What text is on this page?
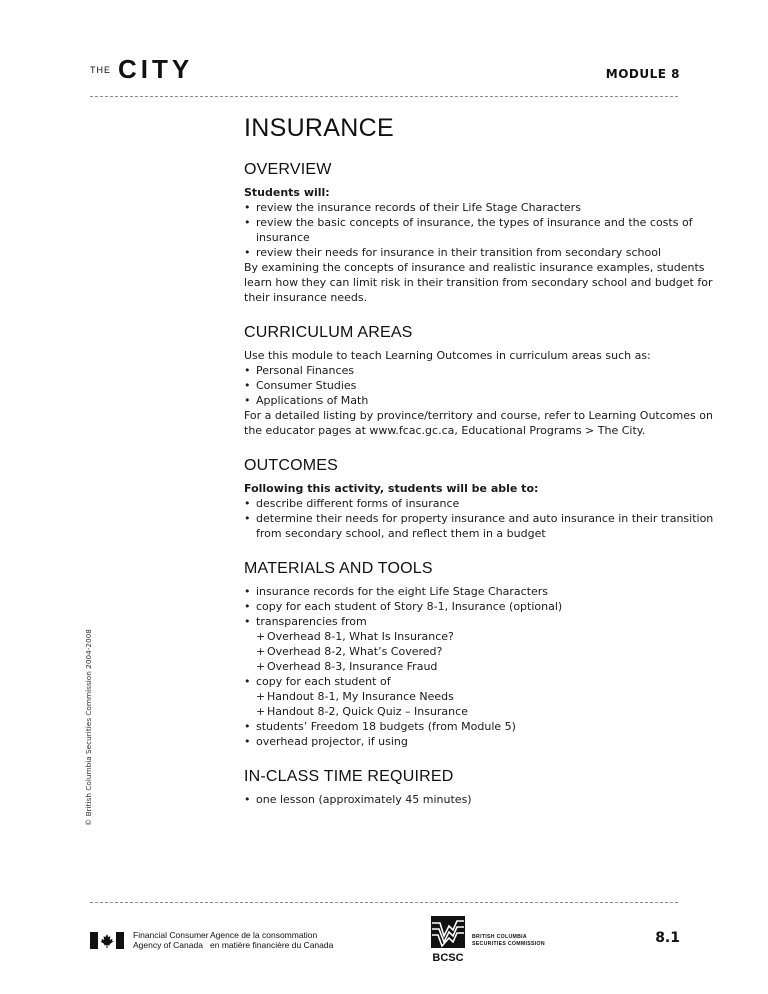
THE CITY	MODULE 8
INSURANCE
OVERVIEW
Students will:
• review the insurance records of their Life Stage Characters
• review the basic concepts of insurance, the types of insurance and the costs of insurance
• review their needs for insurance in their transition from secondary school
By examining the concepts of insurance and realistic insurance examples, students learn how they can limit risk in their transition from secondary school and budget for their insurance needs.
CURRICULUM AREAS
Use this module to teach Learning Outcomes in curriculum areas such as:
• Personal Finances
• Consumer Studies
• Applications of Math
For a detailed listing by province/territory and course, refer to Learning Outcomes on the educator pages at www.fcac.gc.ca, Educational Programs > The City.
OUTCOMES
Following this activity, students will be able to:
• describe different forms of insurance
• determine their needs for property insurance and auto insurance in their transition from secondary school, and reflect them in a budget
MATERIALS AND TOOLS
• insurance records for the eight Life Stage Characters
• copy for each student of Story 8-1, Insurance (optional)
• transparencies from
+ Overhead 8-1, What Is Insurance?
+ Overhead 8-2, What’s Covered?
+ Overhead 8-3, Insurance Fraud
• copy for each student of
+ Handout 8-1, My Insurance Needs
+ Handout 8-2, Quick Quiz – Insurance
• students’ Freedom 18 budgets (from Module 5)
• overhead projector, if using
IN-CLASS TIME REQUIRED
• one lesson (approximately 45 minutes)
© British Columbia Securities Commission 2004-2008
Financial Consumer
Agency of Canada
Agence de la consommation
en matière financière du Canada
BCSC
BRITISH COLUMBIA
SECURITIES COMMISSION	8.1
